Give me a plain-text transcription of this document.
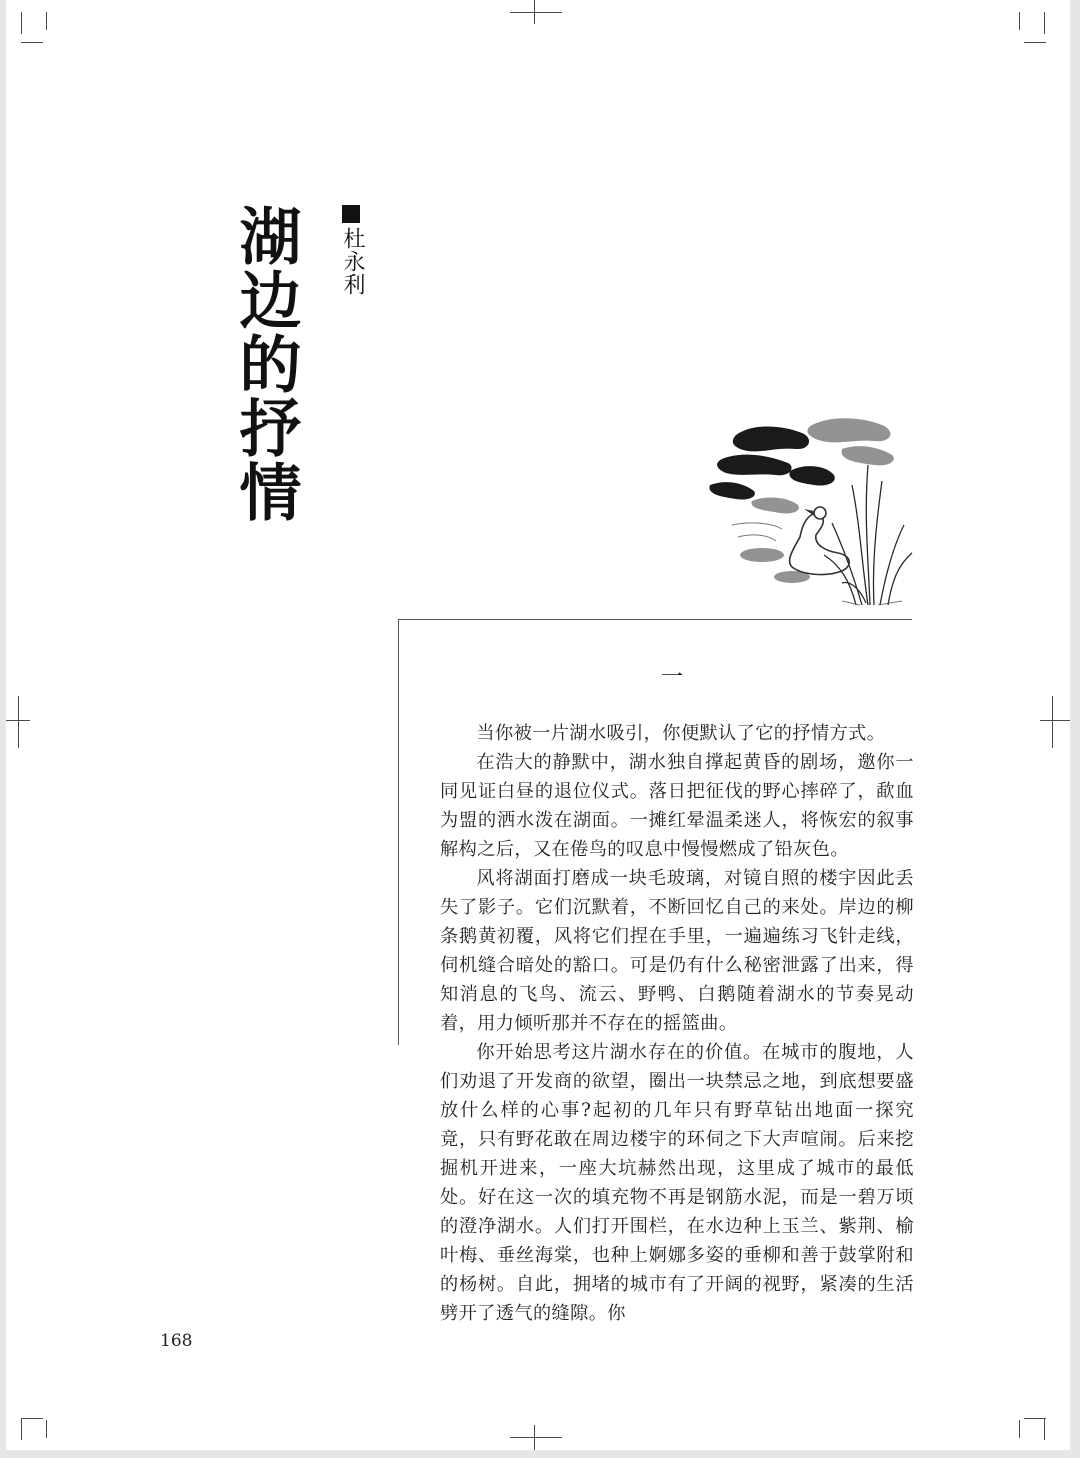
湖边的抒情 杜永利
一

当你被一片湖水吸引，你便默认了它的抒情方式。

在浩大的静默中，湖水独自撑起黄昏的剧场，邀你一同见证白昼的退位仪式。落日把征伐的野心摔碎了，歃血为盟的洒水泼在湖面。一摊红晕温柔迷人，将恢宏的叙事解构之后，又在倦鸟的叹息中慢慢燃成了铅灰色。

风将湖面打磨成一块毛玻璃，对镜自照的楼宇因此丢失了影子。它们沉默着，不断回忆自己的来处。岸边的柳条鹅黄初覆，风将它们捏在手里，一遍遍练习飞针走线，伺机缝合暗处的豁口。可是仍有什么秘密泄露了出来，得知消息的飞鸟、流云、野鸭、白鹅随着湖水的节奏晃动着，用力倾听那并不存在的摇篮曲。

你开始思考这片湖水存在的价值。在城市的腹地，人们劝退了开发商的欲望，圈出一块禁忌之地，到底想要盛放什么样的心事?起初的几年只有野草钻出地面一探究竟，只有野花敢在周边楼宇的环伺之下大声喧闹。后来挖掘机开进来，一座大坑赫然出现，这里成了城市的最低处。好在这一次的填充物不再是钢筋水泥，而是一碧万顷的澄净湖水。人们打开围栏，在水边种上玉兰、紫荆、榆叶梅、垂丝海棠，也种上婀娜多姿的垂柳和善于鼓掌附和的杨树。自此，拥堵的城市有了开阔的视野，紧凑的生活劈开了透气的缝隙。你

168
